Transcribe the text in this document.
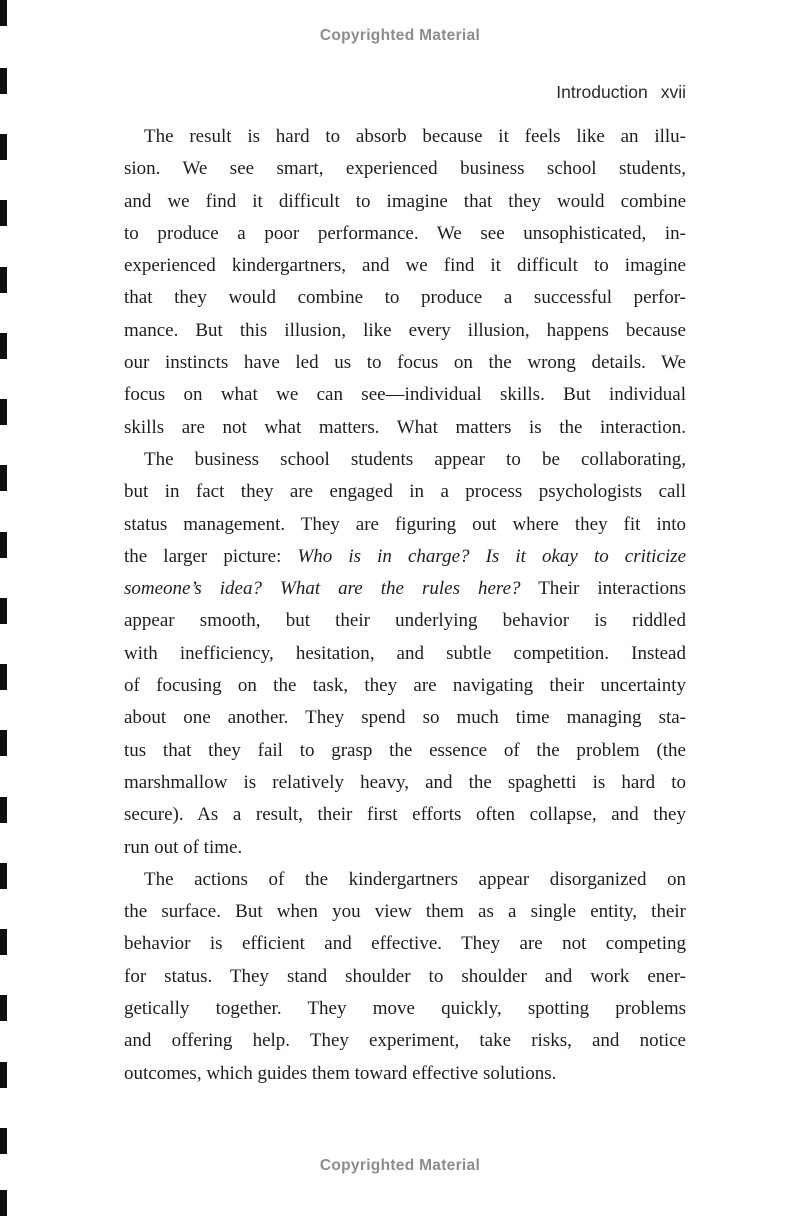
Copyrighted Material
Introduction xvii
The result is hard to absorb because it feels like an illu-
sion. We see smart, experienced business school students,
and we find it difficult to imagine that they would combine
to produce a poor performance. We see unsophisticated, in-
experienced kindergartners, and we find it difficult to imagine
that they would combine to produce a successful perfor-
mance. But this illusion, like every illusion, happens because
our instincts have led us to focus on the wrong details. We
focus on what we can see—individual skills. But individual
skills are not what matters. What matters is the interaction.
The business school students appear to be collaborating,
but in fact they are engaged in a process psychologists call
status management. They are figuring out where they fit into
the larger picture: Who is in charge? Is it okay to criticize
someone’s idea? What are the rules here? Their interactions
appear smooth, but their underlying behavior is riddled
with inefficiency, hesitation, and subtle competition. Instead
of focusing on the task, they are navigating their uncertainty
about one another. They spend so much time managing sta-
tus that they fail to grasp the essence of the problem (the
marshmallow is relatively heavy, and the spaghetti is hard to
secure). As a result, their first efforts often collapse, and they
run out of time.
The actions of the kindergartners appear disorganized on
the surface. But when you view them as a single entity, their
behavior is efficient and effective. They are not competing
for status. They stand shoulder to shoulder and work ener-
getically together. They move quickly, spotting problems
and offering help. They experiment, take risks, and notice
outcomes, which guides them toward effective solutions.
Copyrighted Material
